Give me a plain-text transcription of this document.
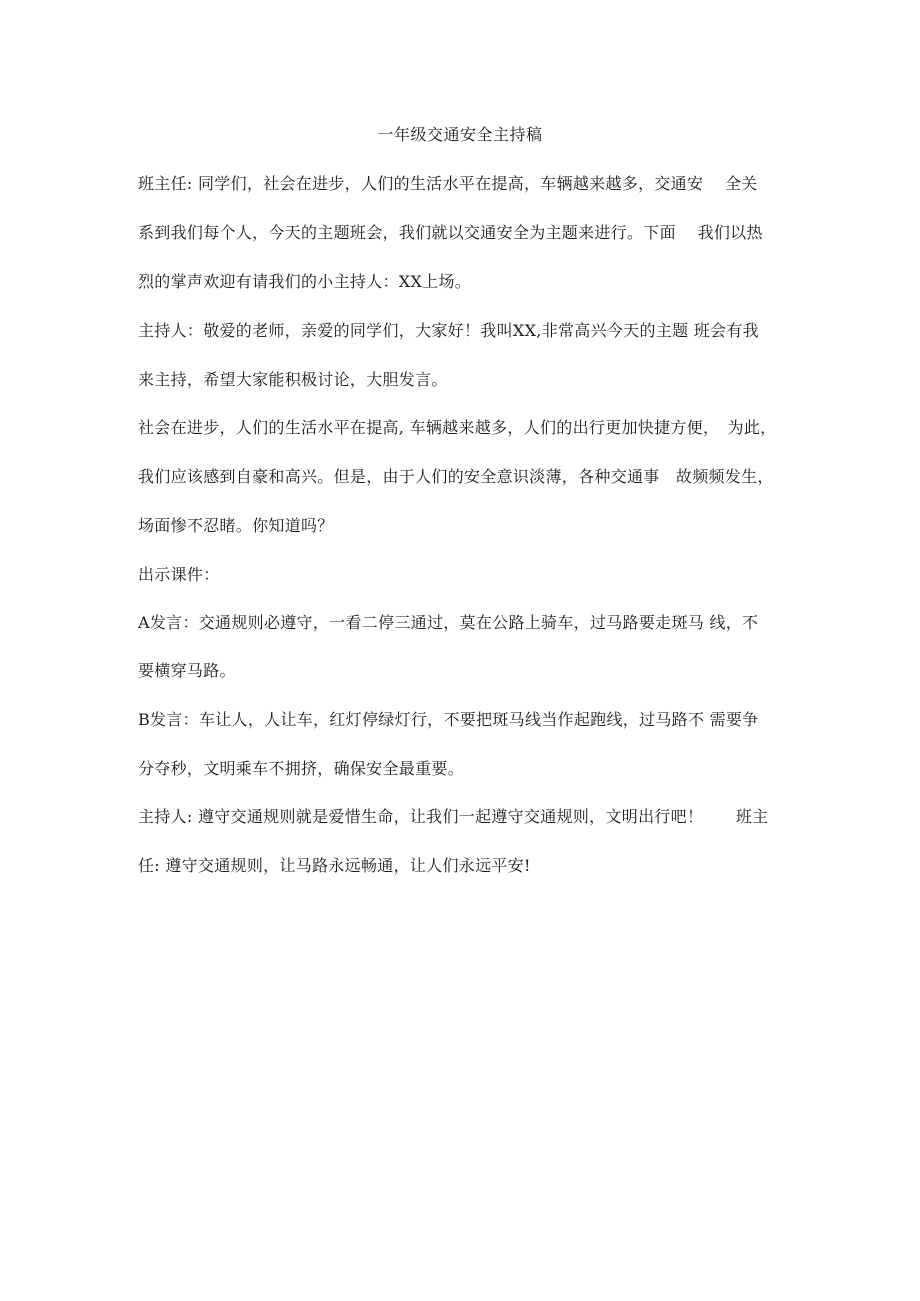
一年级交通安全主持稿
班主任: 同学们，社会在进步，人们的生活水平在提高，车辆越来越多，交通安　 全关
系到我们每个人，今天的主题班会，我们就以交通安全为主题来进行。下面　 我们以热
烈的掌声欢迎有请我们的小主持人：XX上场。
主持人：敬爱的老师，亲爱的同学们，大家好！我叫XX,非常高兴今天的主题 班会有我
来主持，希望大家能积极讨论，大胆发言。
社会在进步，人们的生活水平在提高, 车辆越来越多，人们的出行更加快捷方便，　为此，
我们应该感到自豪和高兴。但是，由于人们的安全意识淡薄，各种交通事　故频频发生，
场面惨不忍睹。你知道吗？
出示课件：
A发言：交通规则必遵守，一看二停三通过，莫在公路上骑车，过马路要走斑马 线，不
要横穿马路。
B发言：车让人，人让车，红灯停绿灯行，不要把斑马线当作起跑线，过马路不 需要争
分夺秒，文明乘车不拥挤，确保安全最重要。
主持人: 遵守交通规则就是爱惜生命，让我们一起遵守交通规则，文明出行吧！　　班主
任: 遵守交通规则，让马路永远畅通，让人们永远平安!
